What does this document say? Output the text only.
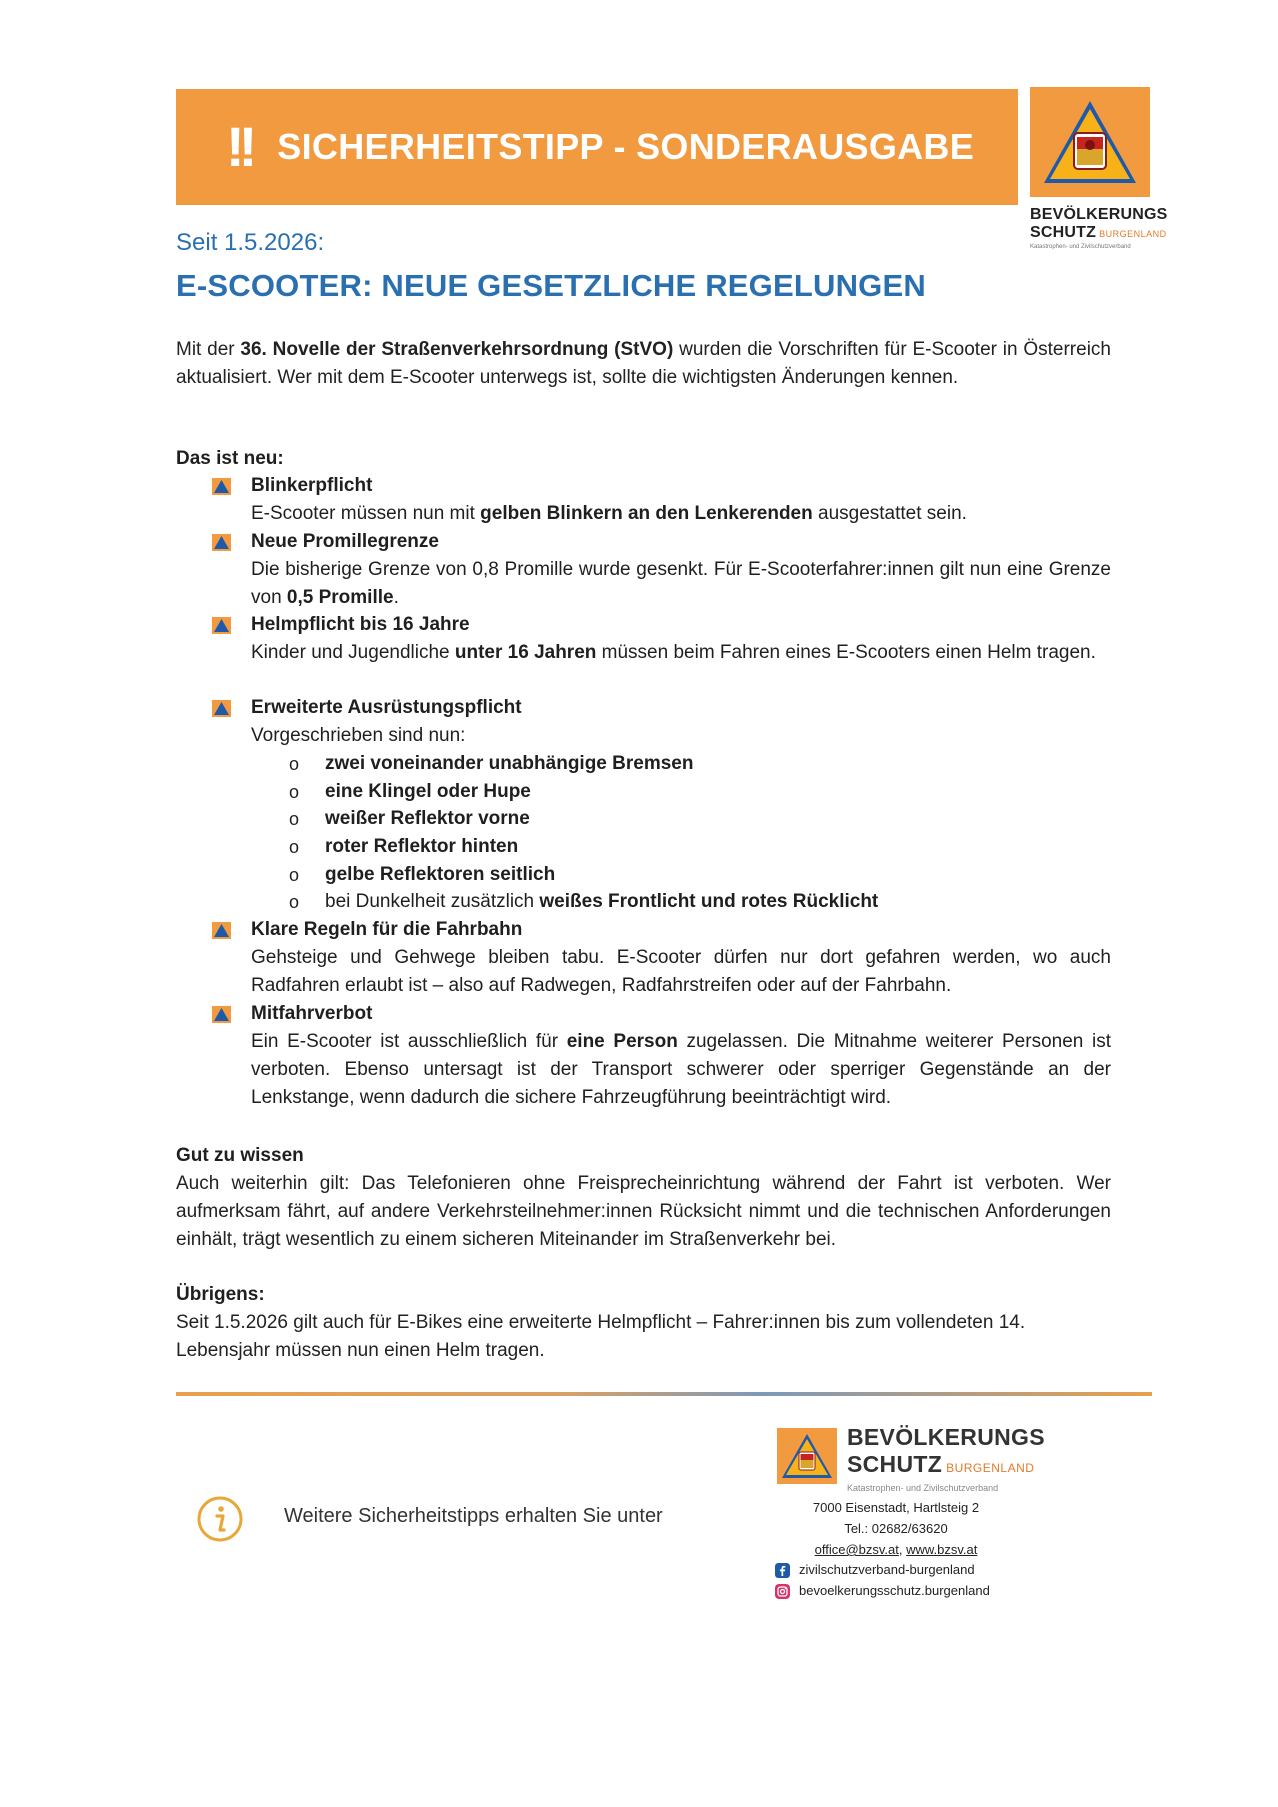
!! SICHERHEITSTIPP - SONDERAUSGABE
BEVÖLKERUNGS
SCHUTZ BURGENLAND
Katastrophen- und Zivilschutzverband
Seit 1.5.2026:
E-SCOOTER: NEUE GESETZLICHE REGELUNGEN
Mit der 36. Novelle der Straßenverkehrsordnung (StVO) wurden die Vorschriften für E-Scooter in Österreich aktualisiert. Wer mit dem E-Scooter unterwegs ist, sollte die wichtigsten Änderungen kennen.
Das ist neu:
Blinkerpflicht
E-Scooter müssen nun mit gelben Blinkern an den Lenkerenden ausgestattet sein.
Neue Promillegrenze
Die bisherige Grenze von 0,8 Promille wurde gesenkt. Für E-Scooterfahrer:innen gilt nun eine Grenze von 0,5 Promille.
Helmpflicht bis 16 Jahre
Kinder und Jugendliche unter 16 Jahren müssen beim Fahren eines E-Scooters einen Helm tragen.
Erweiterte Ausrüstungspflicht
Vorgeschrieben sind nun:
o zwei voneinander unabhängige Bremsen
o eine Klingel oder Hupe
o weißer Reflektor vorne
o roter Reflektor hinten
o gelbe Reflektoren seitlich
o bei Dunkelheit zusätzlich weißes Frontlicht und rotes Rücklicht
Klare Regeln für die Fahrbahn
Gehsteige und Gehwege bleiben tabu. E-Scooter dürfen nur dort gefahren werden, wo auch Radfahren erlaubt ist – also auf Radwegen, Radfahrstreifen oder auf der Fahrbahn.
Mitfahrverbot
Ein E-Scooter ist ausschließlich für eine Person zugelassen. Die Mitnahme weiterer Personen ist verboten. Ebenso untersagt ist der Transport schwerer oder sperriger Gegenstände an der Lenkstange, wenn dadurch die sichere Fahrzeugführung beeinträchtigt wird.
Gut zu wissen
Auch weiterhin gilt: Das Telefonieren ohne Freisprecheinrichtung während der Fahrt ist verboten. Wer aufmerksam fährt, auf andere Verkehrsteilnehmer:innen Rücksicht nimmt und die technischen Anforderungen einhält, trägt wesentlich zu einem sicheren Miteinander im Straßenverkehr bei.
Übrigens:
Seit 1.5.2026 gilt auch für E-Bikes eine erweiterte Helmpflicht – Fahrer:innen bis zum vollendeten 14. Lebensjahr müssen nun einen Helm tragen.
Weitere Sicherheitstipps erhalten Sie unter
BEVÖLKERUNGS
SCHUTZ BURGENLAND
Katastrophen- und Zivilschutzverband
7000 Eisenstadt, Hartlsteig 2
Tel.: 02682/63620
office@bzsv.at, www.bzsv.at
zivilschutzverband-burgenland
bevoelkerungsschutz.burgenland
